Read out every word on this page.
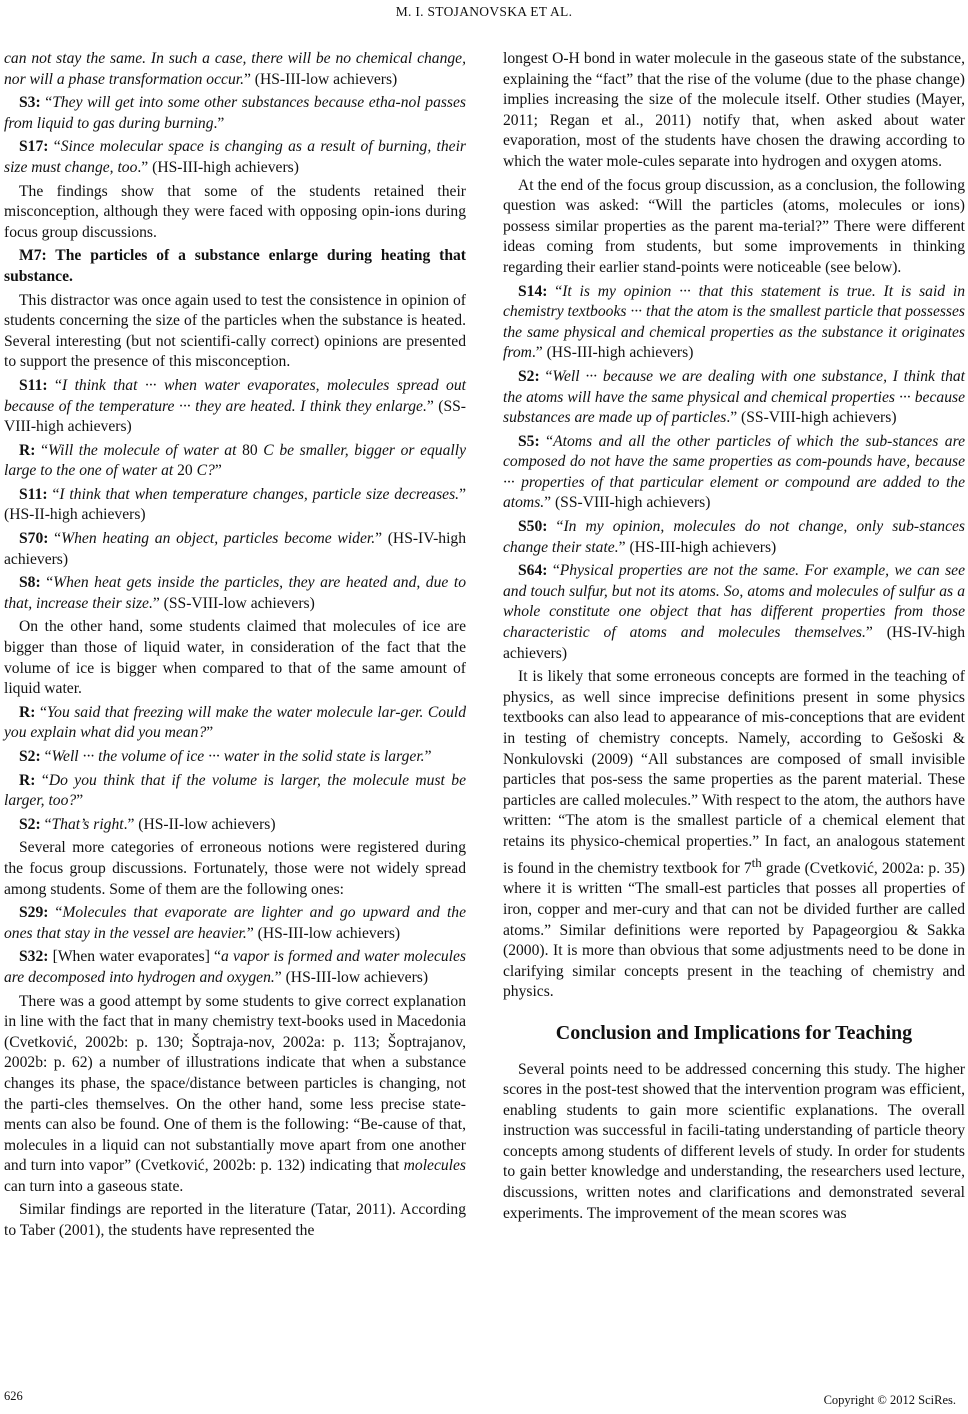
M. I. STOJANOVSKA ET AL.

can not stay the same. In such a case, there will be no chemical change, nor will a phase transformation occur.” (HS-III-low achievers)

S3: “They will get into some other substances because etha-nol passes from liquid to gas during burning.”

S17: “Since molecular space is changing as a result of burning, their size must change, too.” (HS-III-high achievers)

The findings show that some of the students retained their misconception, although they were faced with opposing opin-ions during focus group discussions.

M7: The particles of a substance enlarge during heating that substance.

This distractor was once again used to test the consistence in opinion of students concerning the size of the particles when the substance is heated. Several interesting (but not scientifi-cally correct) opinions are presented to support the presence of this misconception.

S11: “I think that ··· when water evaporates, molecules spread out because of the temperature ··· they are heated. I think they enlarge.” (SS-VIII-high achievers)

R: “Will the molecule of water at 80 C be smaller, bigger or equally large to the one of water at 20 C?”

S11: “I think that when temperature changes, particle size decreases.” (HS-II-high achievers)

S70: “When heating an object, particles become wider.” (HS-IV-high achievers)

S8: “When heat gets inside the particles, they are heated and, due to that, increase their size.” (SS-VIII-low achievers)

On the other hand, some students claimed that molecules of ice are bigger than those of liquid water, in consideration of the fact that the volume of ice is bigger when compared to that of the same amount of liquid water.

R: “You said that freezing will make the water molecule lar-ger. Could you explain what did you mean?”

S2: “Well ··· the volume of ice ··· water in the solid state is larger.”

R: “Do you think that if the volume is larger, the molecule must be larger, too?”

S2: “That’s right.” (HS-II-low achievers)

Several more categories of erroneous notions were registered during the focus group discussions. Fortunately, those were not widely spread among students. Some of them are the following ones:

S29: “Molecules that evaporate are lighter and go upward and the ones that stay in the vessel are heavier.” (HS-III-low achievers)

S32: [When water evaporates] “a vapor is formed and water molecules are decomposed into hydrogen and oxygen.” (HS-III-low achievers)

There was a good attempt by some students to give correct explanation in line with the fact that in many chemistry text-books used in Macedonia (Cvetković, 2002b: p. 130; Šoptraja-nov, 2002a: p. 113; Šoptrajanov, 2002b: p. 62) a number of illustrations indicate that when a substance changes its phase, the space/distance between particles is changing, not the parti-cles themselves. On the other hand, some less precise state-ments can also be found. One of them is the following: “Be-cause of that, molecules in a liquid can not substantially move apart from one another and turn into vapor” (Cvetković, 2002b: p. 132) indicating that molecules can turn into a gaseous state.

Similar findings are reported in the literature (Tatar, 2011). According to Taber (2001), the students have represented the

longest O-H bond in water molecule in the gaseous state of the substance, explaining the “fact” that the rise of the volume (due to the phase change) implies increasing the size of the molecule itself. Other studies (Mayer, 2011; Regan et al., 2011) notify that, when asked about water evaporation, most of the students have chosen the drawing according to which the water mole-cules separate into hydrogen and oxygen atoms.

At the end of the focus group discussion, as a conclusion, the following question was asked: “Will the particles (atoms, molecules or ions) possess similar properties as the parent ma-terial?” There were different ideas coming from students, but some improvements in thinking regarding their earlier stand-points were noticeable (see below).

S14: “It is my opinion ··· that this statement is true. It is said in chemistry textbooks ··· that the atom is the smallest particle that possesses the same physical and chemical properties as the substance it originates from.” (HS-III-high achievers)

S2: “Well ··· because we are dealing with one substance, I think that the atoms will have the same physical and chemical properties ··· because substances are made up of particles.” (SS-VIII-high achievers)

S5: “Atoms and all the other particles of which the sub-stances are composed do not have the same properties as com-pounds have, because ··· properties of that particular element or compound are added to the atoms.” (SS-VIII-high achievers)

S50: “In my opinion, molecules do not change, only sub-stances change their state.” (HS-III-high achievers)

S64: “Physical properties are not the same. For example, we can see and touch sulfur, but not its atoms. So, atoms and molecules of sulfur as a whole constitute one object that has different properties from those characteristic of atoms and molecules themselves.” (HS-IV-high achievers)

It is likely that some erroneous concepts are formed in the teaching of physics, as well since imprecise definitions present in some physics textbooks can also lead to appearance of mis-conceptions that are evident in testing of chemistry concepts. Namely, according to Gešoski & Nonkulovski (2009) “All substances are composed of small invisible particles that pos-sess the same properties as the parent material. These particles are called molecules.” With respect to the atom, the authors have written: “The atom is the smallest particle of a chemical element that retains its physico-chemical properties.” In fact, an analogous statement is found in the chemistry textbook for 7th grade (Cvetković, 2002a: p. 35) where it is written “The small-est particles that posses all properties of iron, copper and mer-cury and that can not be divided further are called atoms.” Similar definitions were reported by Papageorgiou & Sakka (2000). It is more than obvious that some adjustments need to be done in clarifying similar concepts present in the teaching of chemistry and physics.

Conclusion and Implications for Teaching

Several points need to be addressed concerning this study. The higher scores in the post-test showed that the intervention program was efficient, enabling students to gain more scientific explanations. The overall instruction was successful in facili-tating understanding of particle theory concepts among students of different levels of study. In order for students to gain better knowledge and understanding, the researchers used lecture, discussions, written notes and clarifications and demonstrated several experiments. The improvement of the mean scores was

626	Copyright © 2012 SciRes.
